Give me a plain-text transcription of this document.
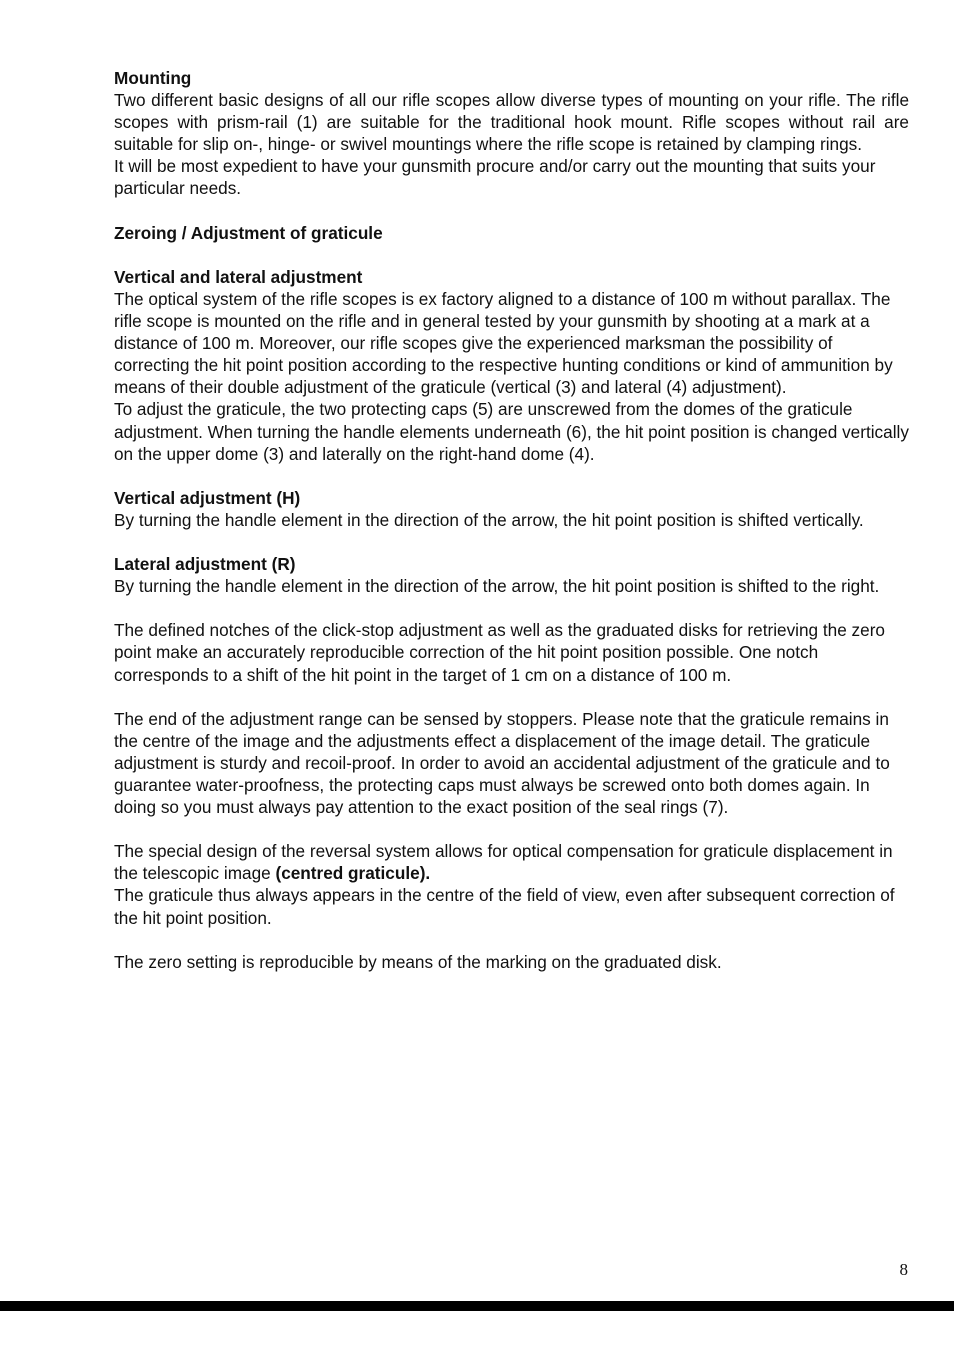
Mounting

Two different basic designs of all our rifle scopes allow diverse types of mounting on your rifle. The rifle scopes with prism-rail (1) are suitable for the traditional hook mount. Rifle scopes without rail are suitable for slip on-, hinge- or swivel mountings where the rifle scope is retained by clamping rings.

It will be most expedient to have your gunsmith procure and/or carry out the mounting that suits your particular needs.

Zeroing / Adjustment of graticule
Vertical and lateral adjustment

The optical system of the rifle scopes is ex factory aligned to a distance of 100 m without parallax. The rifle scope is mounted on the rifle and in general tested by your gunsmith by shooting at a mark at a distance of 100 m. Moreover, our rifle scopes give the experienced marksman the possibility of correcting the hit point position according to the respective hunting conditions or kind of ammunition by means of their double adjustment of the graticule (vertical (3) and lateral (4) adjustment).

To adjust the graticule, the two protecting caps (5) are unscrewed from the domes of the graticule adjustment. When turning the handle elements underneath (6), the hit point position is changed vertically on the upper dome (3) and laterally on the right-hand dome (4).

Vertical adjustment (H)

By turning the handle element in the direction of the arrow, the hit point position is shifted vertically.

Lateral adjustment (R)

By turning the handle element in the direction of the arrow, the hit point position is shifted to the right.

The defined notches of the click-stop adjustment as well as the graduated disks for retrieving the zero point make an accurately reproducible correction of the hit point position possible. One notch corresponds to a shift of the hit point in the target of 1 cm on a distance of 100 m.

The end of the adjustment range can be sensed by stoppers. Please note that the graticule remains in the centre of the image and the adjustments effect a displacement of the image detail. The graticule adjustment is sturdy and recoil-proof. In order to avoid an accidental adjustment of the graticule and to guarantee water-proofness, the protecting caps must always be screwed onto both domes again. In doing so you must always pay attention to the exact position of the seal rings (7).

The special design of the reversal system allows for optical compensation for graticule displacement in the telescopic image (centred graticule).

The graticule thus always appears in the centre of the field of view, even after subsequent correction of the hit point position.

The zero setting is reproducible by means of the marking on the graduated disk.

8
